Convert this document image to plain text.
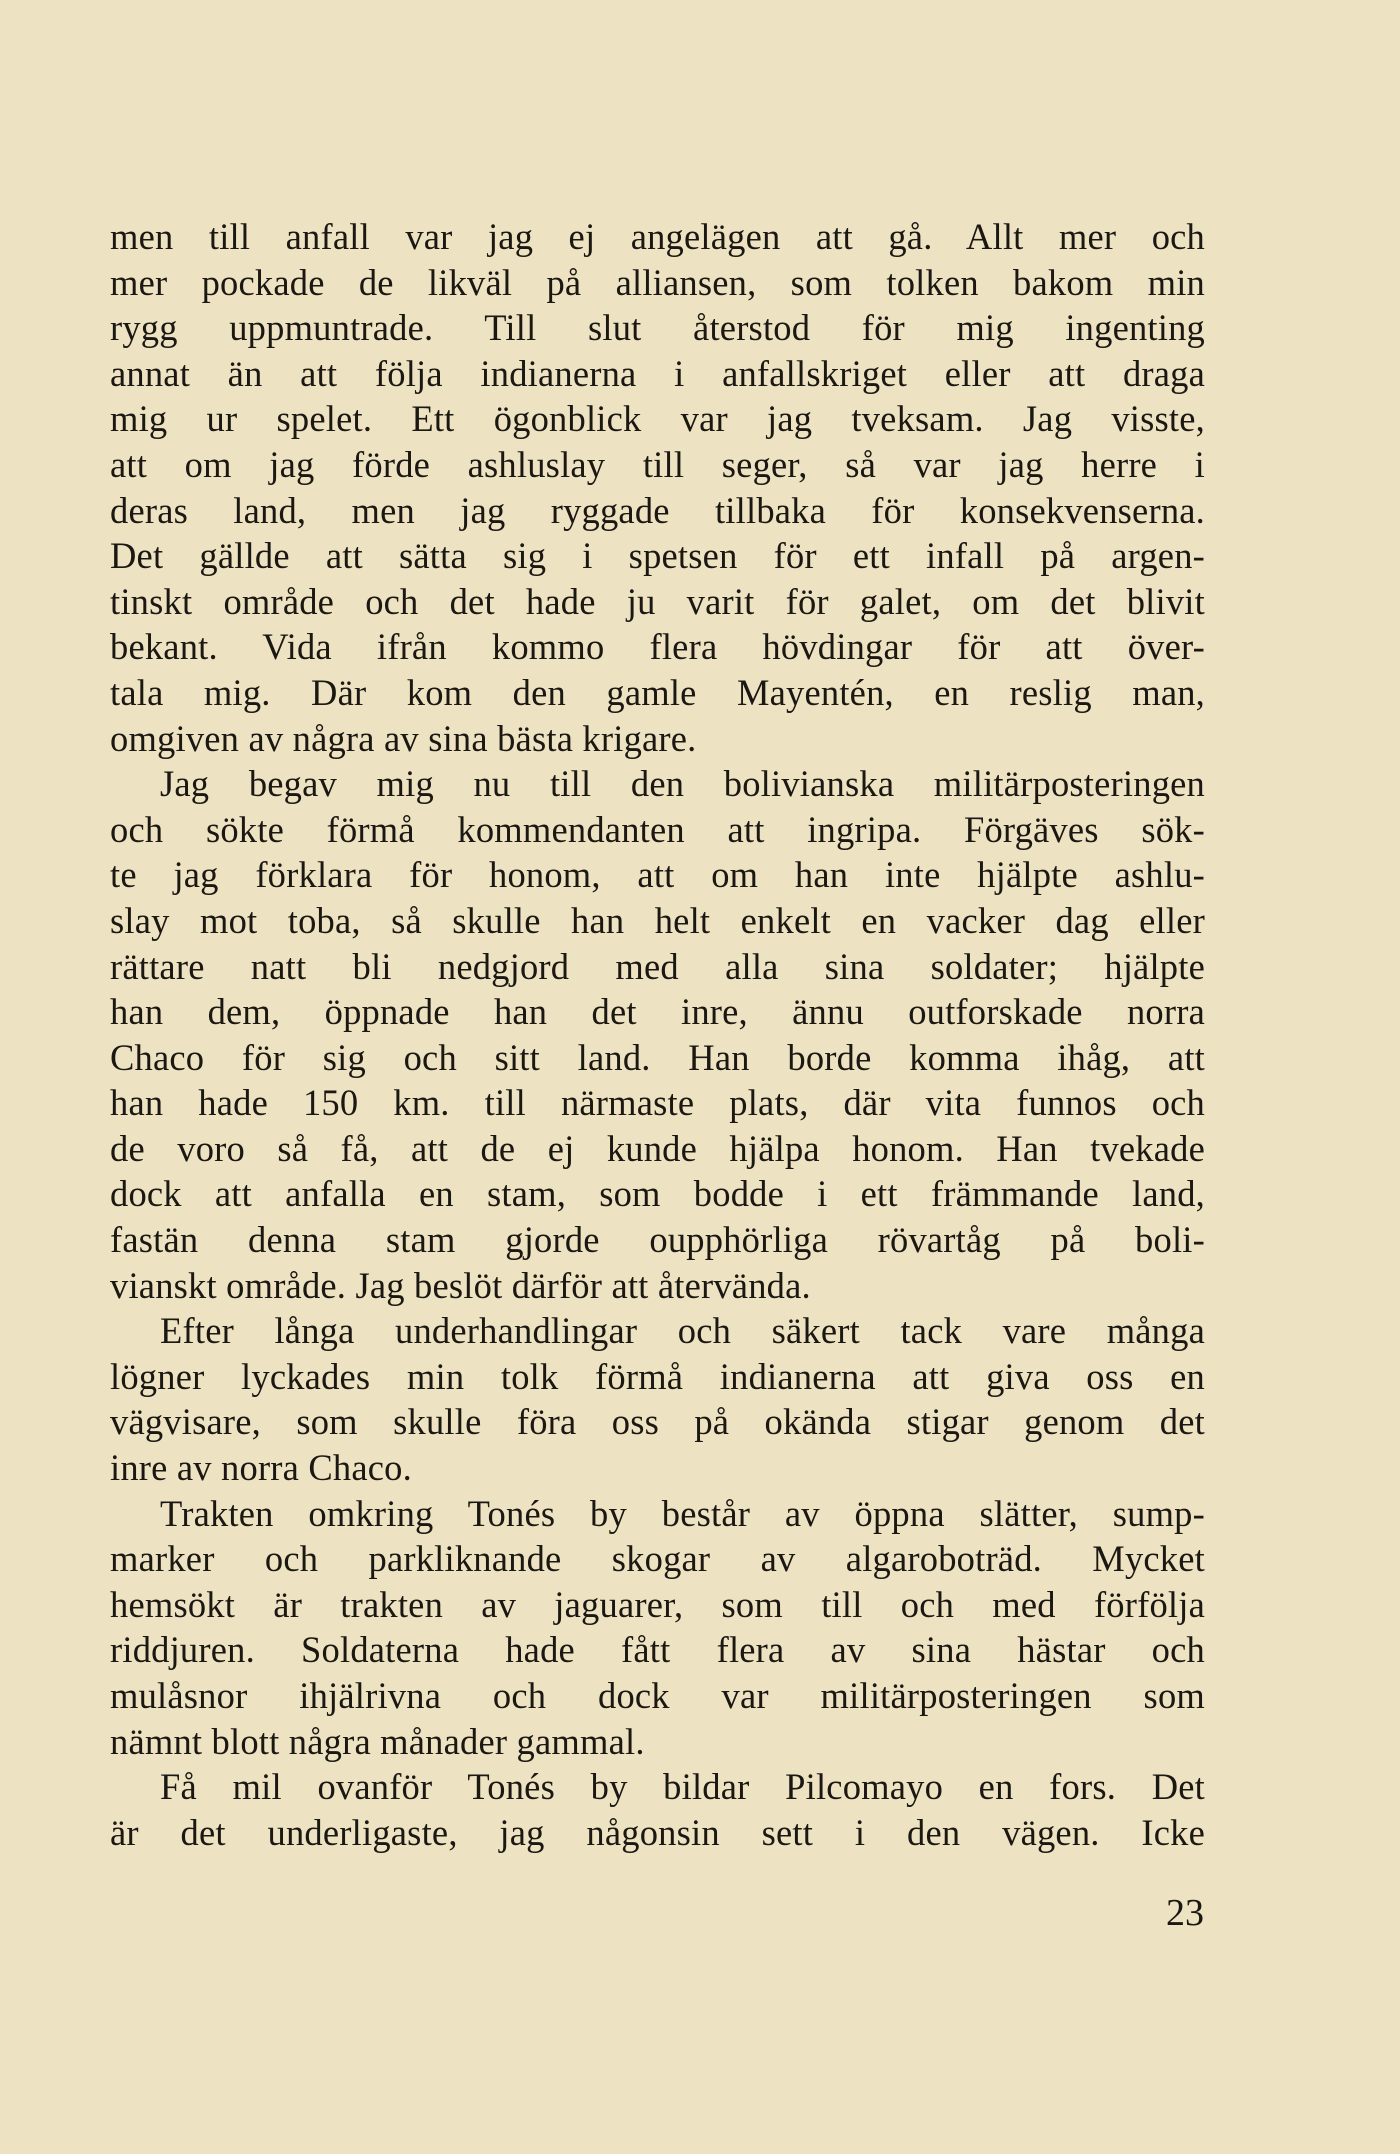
men till anfall var jag ej angelägen att gå. Allt mer och
mer pockade de likväl på alliansen, som tolken bakom min
rygg uppmuntrade. Till slut återstod för mig ingenting
annat än att följa indianerna i anfallskriget eller att draga
mig ur spelet. Ett ögonblick var jag tveksam. Jag visste,
att om jag förde ashluslay till seger, så var jag herre i
deras land, men jag ryggade tillbaka för konsekvenserna.
Det gällde att sätta sig i spetsen för ett infall på argen-
tinskt område och det hade ju varit för galet, om det blivit
bekant. Vida ifrån kommo flera hövdingar för att över-
tala mig. Där kom den gamle Mayentén, en reslig man,
omgiven av några av sina bästa krigare.
Jag begav mig nu till den bolivianska militärposteringen
och sökte förmå kommendanten att ingripa. Förgäves sök-
te jag förklara för honom, att om han inte hjälpte ashlu-
slay mot toba, så skulle han helt enkelt en vacker dag eller
rättare natt bli nedgjord med alla sina soldater; hjälpte
han dem, öppnade han det inre, ännu outforskade norra
Chaco för sig och sitt land. Han borde komma ihåg, att
han hade 150 km. till närmaste plats, där vita funnos och
de voro så få, att de ej kunde hjälpa honom. Han tvekade
dock att anfalla en stam, som bodde i ett främmande land,
fastän denna stam gjorde oupphörliga rövartåg på boli-
vianskt område. Jag beslöt därför att återvända.
Efter långa underhandlingar och säkert tack vare många
lögner lyckades min tolk förmå indianerna att giva oss en
vägvisare, som skulle föra oss på okända stigar genom det
inre av norra Chaco.
Trakten omkring Tonés by består av öppna slätter, sump-
marker och parkliknande skogar av algaroboträd. Mycket
hemsökt är trakten av jaguarer, som till och med förfölja
riddjuren. Soldaterna hade fått flera av sina hästar och
mulåsnor ihjälrivna och dock var militärposteringen som
nämnt blott några månader gammal.
Få mil ovanför Tonés by bildar Pilcomayo en fors. Det
är det underligaste, jag någonsin sett i den vägen. Icke
23
